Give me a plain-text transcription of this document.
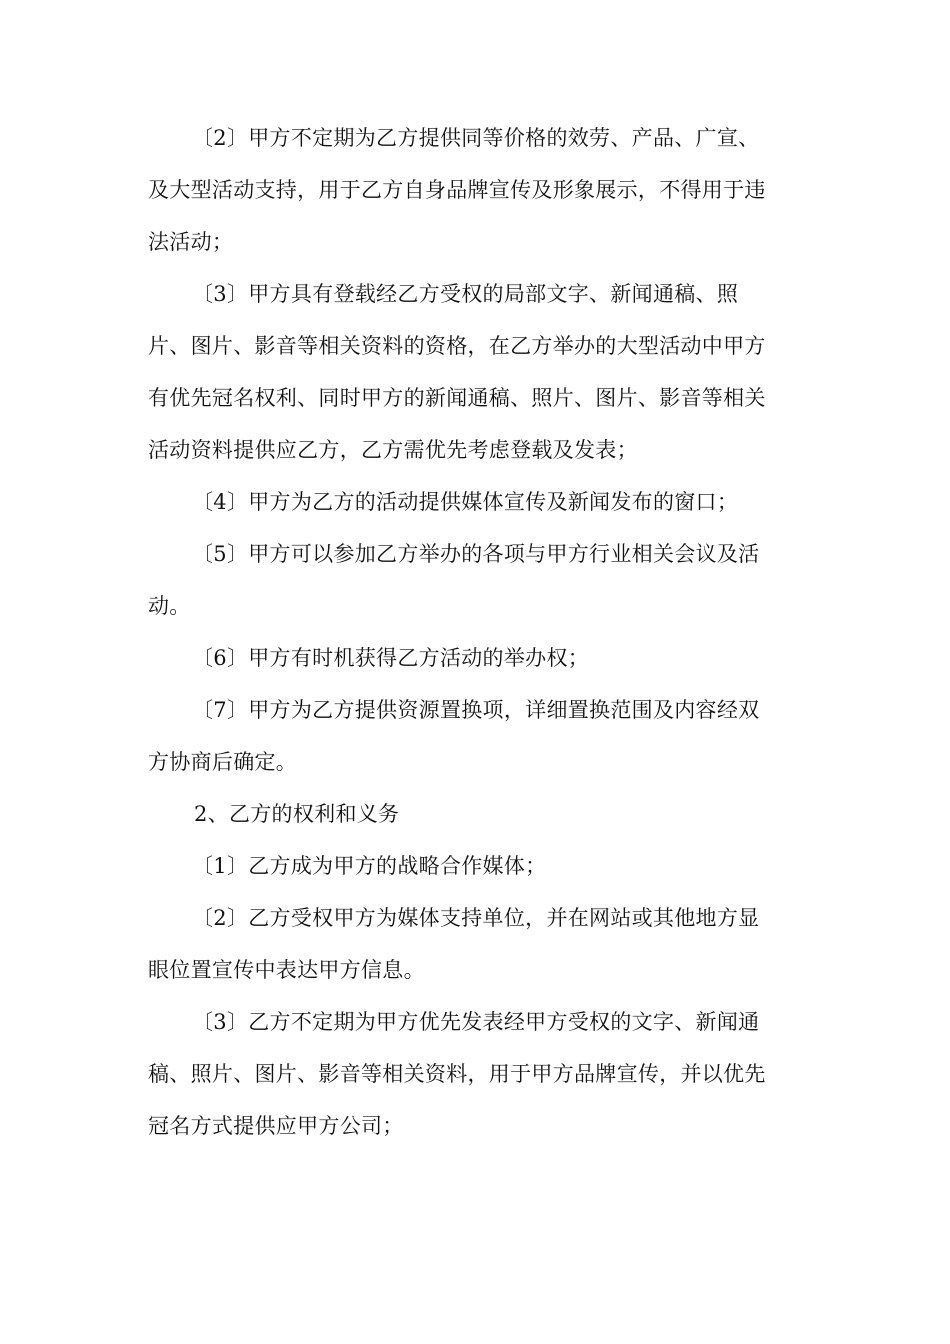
〔2〕甲方不定期为乙方提供同等价格的效劳、产品、广宣、
及大型活动支持，用于乙方自身品牌宣传及形象展示，不得用于违
法活动；
〔3〕甲方具有登载经乙方受权的局部文字、新闻通稿、照
片、图片、影音等相关资料的资格，在乙方举办的大型活动中甲方
有优先冠名权利、同时甲方的新闻通稿、照片、图片、影音等相关
活动资料提供应乙方，乙方需优先考虑登载及发表；
〔4〕甲方为乙方的活动提供媒体宣传及新闻发布的窗口；
〔5〕甲方可以参加乙方举办的各项与甲方行业相关会议及活
动。
〔6〕甲方有时机获得乙方活动的举办权；
〔7〕甲方为乙方提供资源置换项，详细置换范围及内容经双
方协商后确定。
2、乙方的权利和义务
〔1〕乙方成为甲方的战略合作媒体；
〔2〕乙方受权甲方为媒体支持单位，并在网站或其他地方显
眼位置宣传中表达甲方信息。
〔3〕乙方不定期为甲方优先发表经甲方受权的文字、新闻通
稿、照片、图片、影音等相关资料，用于甲方品牌宣传，并以优先
冠名方式提供应甲方公司；
